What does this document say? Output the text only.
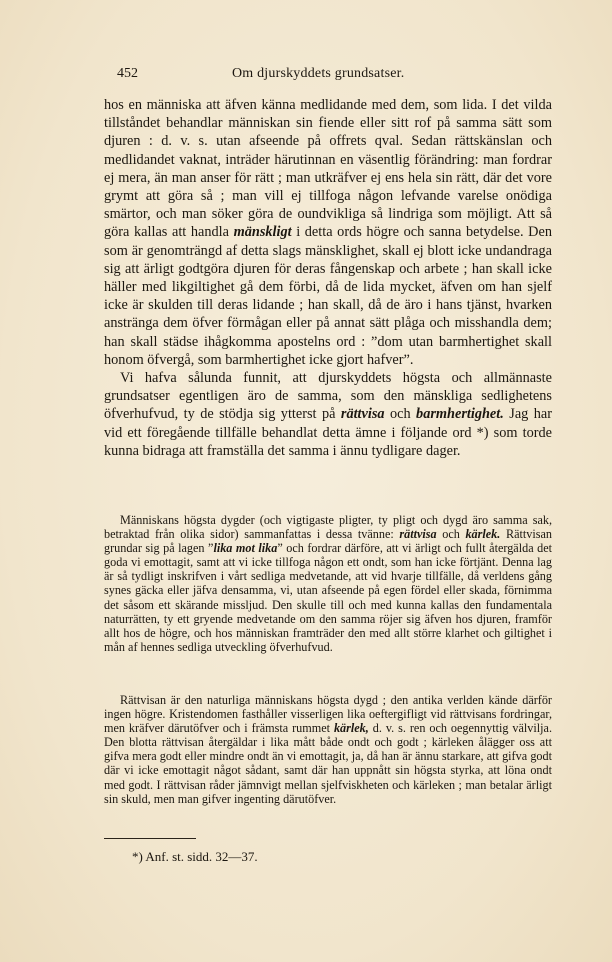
452	Om djurskyddets grundsatser.

hos en människa att äfven känna medlidande med dem, som lida. I det vilda tillståndet behandlar människan sin fiende eller sitt rof på samma sätt som djuren : d. v. s. utan afseende på offrets qval. Sedan rättskänslan och medlidandet vaknat, inträder härutinnan en väsentlig förändring: man fordrar ej mera, än man anser för rätt ; man utkräfver ej ens hela sin rätt, där det vore grymt att göra så ; man vill ej tillfoga någon lefvande varelse onödiga smärtor, och man söker göra de oundvikliga så lindriga som möjligt. Att så göra kallas att handla mänskligt i detta ords högre och sanna betydelse. Den som är genomträngd af detta slags mänsklighet, skall ej blott icke undandraga sig att ärligt godtgöra djuren för deras fångenskap och arbete ; han skall icke häller med likgiltighet gå dem förbi, då de lida mycket, äfven om han sjelf icke är skulden till deras lidande ; han skall, då de äro i hans tjänst, hvarken anstränga dem öfver förmågan eller på annat sätt plåga och misshandla dem; han skall städse ihågkomma apostelns ord : ”dom utan barmhertighet skall honom öfvergå, som barmhertighet icke gjort hafver”.

Vi hafva sålunda funnit, att djurskyddets högsta och allmännaste grundsatser egentligen äro de samma, som den mänskliga sedlighetens öfverhufvud, ty de stödja sig ytterst på rättvisa och barmhertighet. Jag har vid ett föregående tillfälle behandlat detta ämne i följande ord *) som torde kunna bidraga att framställa det samma i ännu tydligare dager.

Människans högsta dygder (och vigtigaste pligter, ty pligt och dygd äro samma sak, betraktad från olika sidor) sammanfattas i dessa tvänne: rättvisa och kärlek. Rättvisan grundar sig på lagen ”lika mot lika” och fordrar därföre, att vi ärligt och fullt återgälda det goda vi emottagit, samt att vi icke tillfoga någon ett ondt, som han icke förtjänt. Denna lag är så tydligt inskrifven i vårt sedliga medvetande, att vid hvarje tillfälle, då verldens gång synes gäcka eller jäfva densamma, vi, utan afseende på egen fördel eller skada, förnimma det såsom ett skärande missljud. Den skulle till och med kunna kallas den fundamentala naturrätten, ty ett gryende medvetande om den samma röjer sig äfven hos djuren, framför allt hos de högre, och hos människan framträder den med allt större klarhet och giltighet i mån af hennes sedliga utveckling öfverhufvud.

Rättvisan är den naturliga människans högsta dygd ; den antika verlden kände därför ingen högre. Kristendomen fasthåller visserligen lika oeftergifligt vid rättvisans fordringar, men kräfver därutöfver och i främsta rummet kärlek, d. v. s. ren och oegennyttig välvilja. Den blotta rättvisan återgäldar i lika mått både ondt och godt ; kärleken ålägger oss att gifva mera godt eller mindre ondt än vi emottagit, ja, då han är ännu starkare, att gifva godt där vi icke emottagit något sådant, samt där han uppnått sin högsta styrka, att löna ondt med godt. I rättvisan råder jämnvigt mellan sjelfviskheten och kärleken ; man betalar ärligt sin skuld, men man gifver ingenting därutöfver.

*) Anf. st. sidd. 32—37.
